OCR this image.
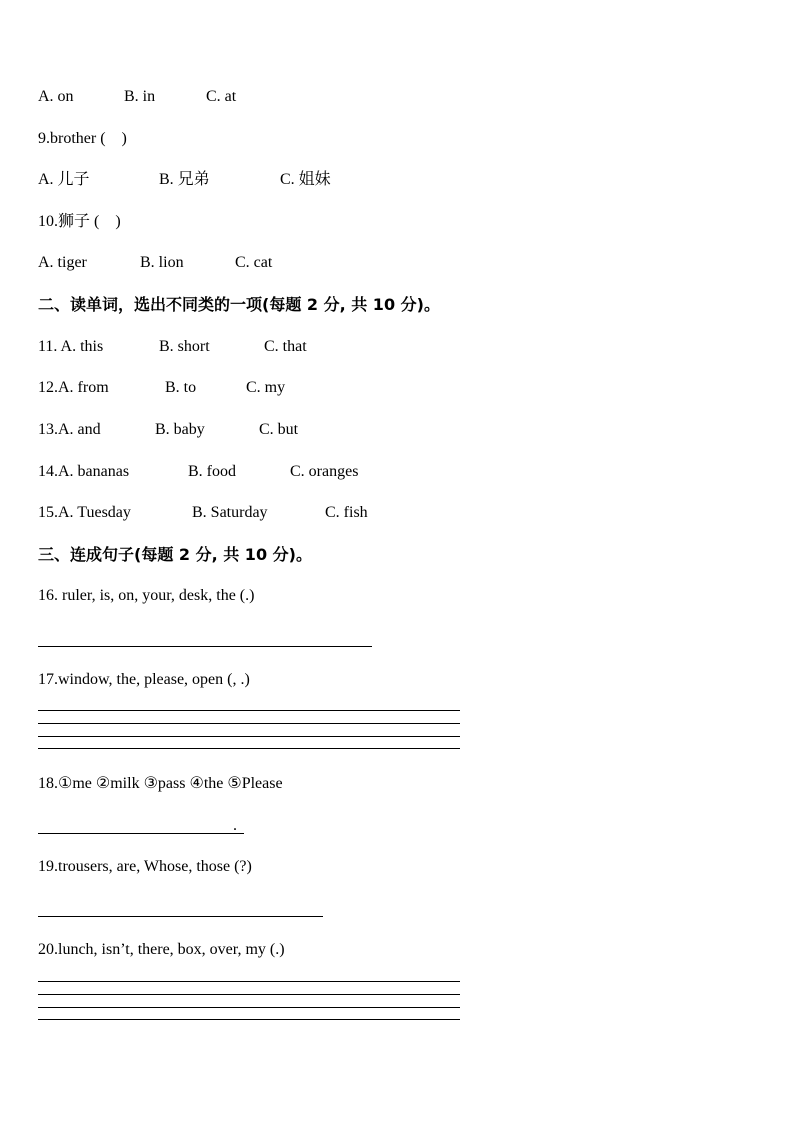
A. on	B. in	C. at
9.brother (    )
A. 儿子	B. 兄弟	C. 姐妹
10.狮子 (    )
A. tiger	B. lion	C. cat
二、读单词，选出不同类的一项(每题 2 分, 共 10 分)。
11. A. this	B. short	C. that
12.A. from	B. to	C. my
13.A. and	B. baby	C. but
14.A. bananas	B. food	C. oranges
15.A. Tuesday	B. Saturday	C. fish
三、连成句子(每题 2 分, 共 10 分)。
16. ruler, is, on, your, desk, the (.)
17.window, the, please, open (, .)
18.①me ②milk ③pass ④the ⑤Please
.
19.trousers, are, Whose, those (?)
20.lunch, isn’t, there, box, over, my (.)
